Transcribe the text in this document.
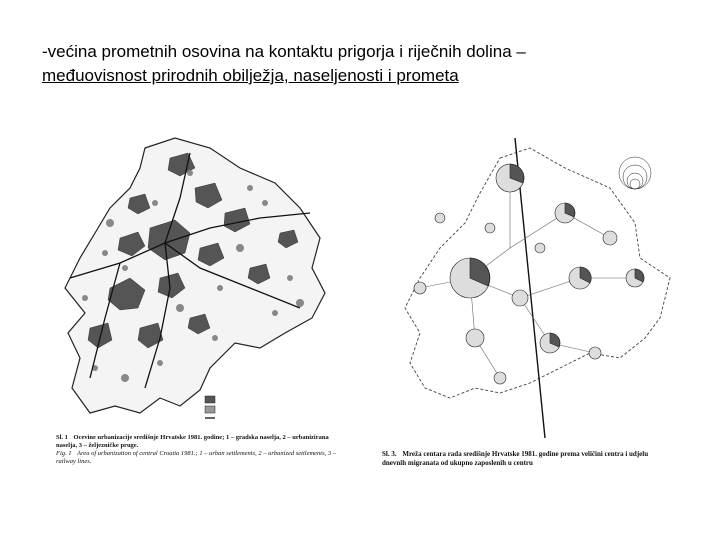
-većina prometnih osovina na kontaktu prigorja i riječnih dolina –
međuovisnost prirodnih obilježja, naseljenosti i prometa
Sl. 1 Ocevine urbanizacije središnje Hrvatske 1981. godine; 1 – gradska naselja, 2 – urbanizirana naselja, 3 – željezničke pruge.
Fig. 1 Area of urbanization of central Croatia 1981.; 1 – urban settlements, 2 – urbanized settlements, 3 – railway lines.
Sl. 3. Mreža centara rada središnje Hrvatske 1981. godine prema veličini centra i udjelu dnevnih migranata od ukupno zaposlenih u centru
